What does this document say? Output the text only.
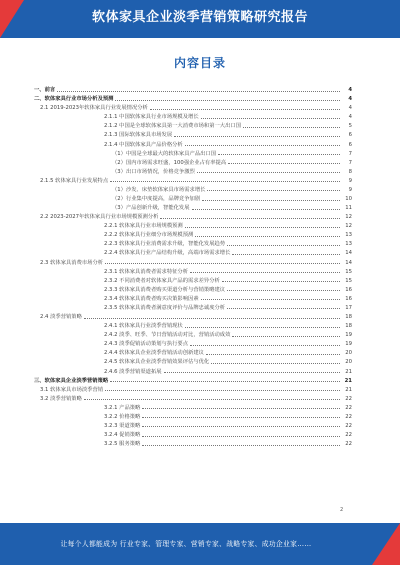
软体家具企业淡季营销策略研究报告
内容目录
一、前言	4
二、软体家具行业市场分析及预测	4
2.1 2019-2023年软体家具行业发展情况分析	4
2.1.1 中国软体家具行业市场规模及增长	4
2.1.2 中国是全球软体家具第一大消费市场和第一大出口国	5
2.1.3 国际软体家具市场发展	6
2.1.4 中国软体家具产品价格分析	6
（1）中国是全球最大的软体家具产品出口国	7
（2）国内市场需求旺盛，100强企业占有率提高	7
（3）出口市场情况，价格竞争激烈	8
2.1.5 软体家具行业发展特点	9
（1）沙发、床垫软体家具市场需求增长	9
（2）行业集中度提高，品牌竞争加剧	10
（3）产品创新升级，智能化发展	11
2.2 2023-2027年软体家具行业市场规模预测分析	12
2.2.1 软体家具行业市场规模预测	12
2.2.2 软体家具行业细分市场规模预测	13
2.2.3 软体家具行业消费需求升级，智能化发展趋势	13
2.2.4 软体家具行业产品结构升级，高端市场需求增长	14
2.3 软体家具消费市场分析	14
2.3.1 软体家具消费者需求特征分析	15
2.3.2 不同消费者对软体家具产品的需求差异分析	15
2.3.3 软体家具消费者购买渠道分析与营销策略建议	16
2.3.4 软体家具消费者购买决策影响因素	16
2.3.5 软体家具消费者满意度评价与品牌忠诚度分析	17
2.4 淡季营销策略	18
2.4.1 软体家具行业淡季营销现状	18
2.4.2 淡季、旺季、节日营销活动对比，营销活动成效	19
2.4.3 淡季促销活动策划与执行要点	19
2.4.4 软体家具企业淡季营销活动创新建议	20
2.4.5 软体家具企业淡季营销效果评估与优化	20
2.4.6 淡季营销渠道拓展	21
三、软体家具企业淡季营销策略	21
3.1 软体家具市场淡季营销	21
3.2 淡季营销策略	22
3.2.1 产品策略	22
3.2.2 价格策略	22
3.2.3 渠道策略	22
3.2.4 促销策略	22
3.2.5 服务策略	22
2
让每个人都能成为 行业专家、管理专家、营销专家、战略专家、成功企业家……
